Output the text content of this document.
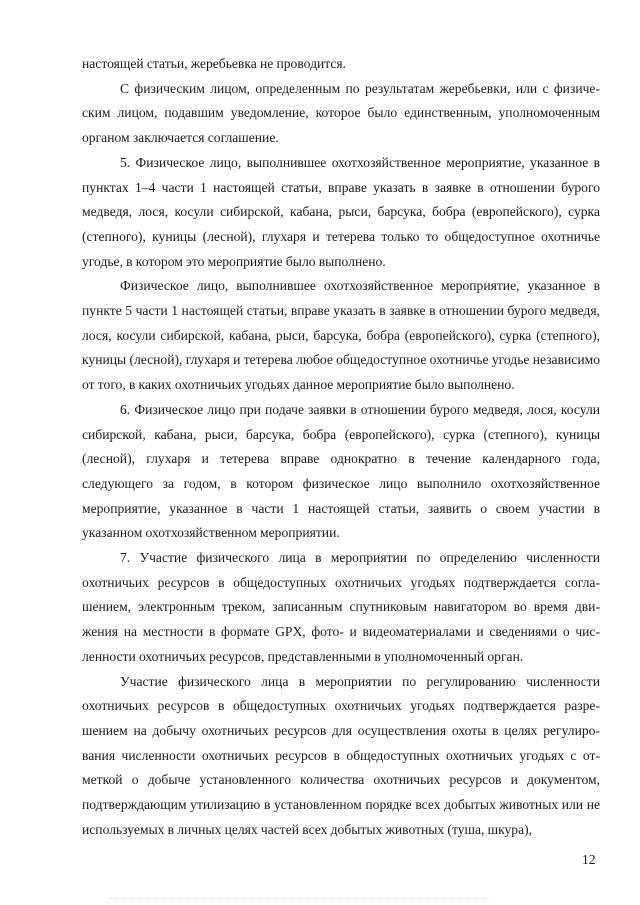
настоящей статьи, жеребьевка не проводится.

С физическим лицом, определенным по результатам жеребьевки, или с физическим лицом, подавшим уведомление, которое было единственным, уполномоченным органом заключается соглашение.

5. Физическое лицо, выполнившее охотхозяйственное мероприятие, указанное в пунктах 1–4 части 1 настоящей статьи, вправе указать в заявке в отношении бурого медведя, лося, косули сибирской, кабана, рыси, барсука, бобра (европейского), сурка (степного), куницы (лесной), глухаря и тетерева только то общедоступное охотничье угодье, в котором это мероприятие было выполнено.

Физическое лицо, выполнившее охотхозяйственное мероприятие, указанное в пункте 5 части 1 настоящей статьи, вправе указать в заявке в отношении бурого медведя, лося, косули сибирской, кабана, рыси, барсука, бобра (европейского), сурка (степного), куницы (лесной), глухаря и тетерева любое общедоступное охотничье угодье независимо от того, в каких охотничьих угодьях данное мероприятие было выполнено.

6. Физическое лицо при подаче заявки в отношении бурого медведя, лося, косули сибирской, кабана, рыси, барсука, бобра (европейского), сурка (степного), куницы (лесной), глухаря и тетерева вправе однократно в течение календарного года, следующего за годом, в котором физическое лицо выполнило охотхозяйственное мероприятие, указанное в части 1 настоящей статьи, заявить о своем участии в указанном охотхозяйственном мероприятии.

7. Участие физического лица в мероприятии по определению численности охотничьих ресурсов в общедоступных охотничьих угодьях подтверждается соглашением, электронным треком, записанным спутниковым навигатором во время движения на местности в формате GPX, фото- и видеоматериалами и сведениями о численности охотничьих ресурсов, представленными в уполномоченный орган.

Участие физического лица в мероприятии по регулированию численности охотничьих ресурсов в общедоступных охотничьих угодьях подтверждается разрешением на добычу охотничьих ресурсов для осуществления охоты в целях регулирования численности охотничьих ресурсов в общедоступных охотничьих угодьях с отметкой о добыче установленного количества охотничьих ресурсов и документом, подтверждающим утилизацию в установленном порядке всех добытых животных или не используемых в личных целях частей всех добытых животных (туша, шкура),

12
